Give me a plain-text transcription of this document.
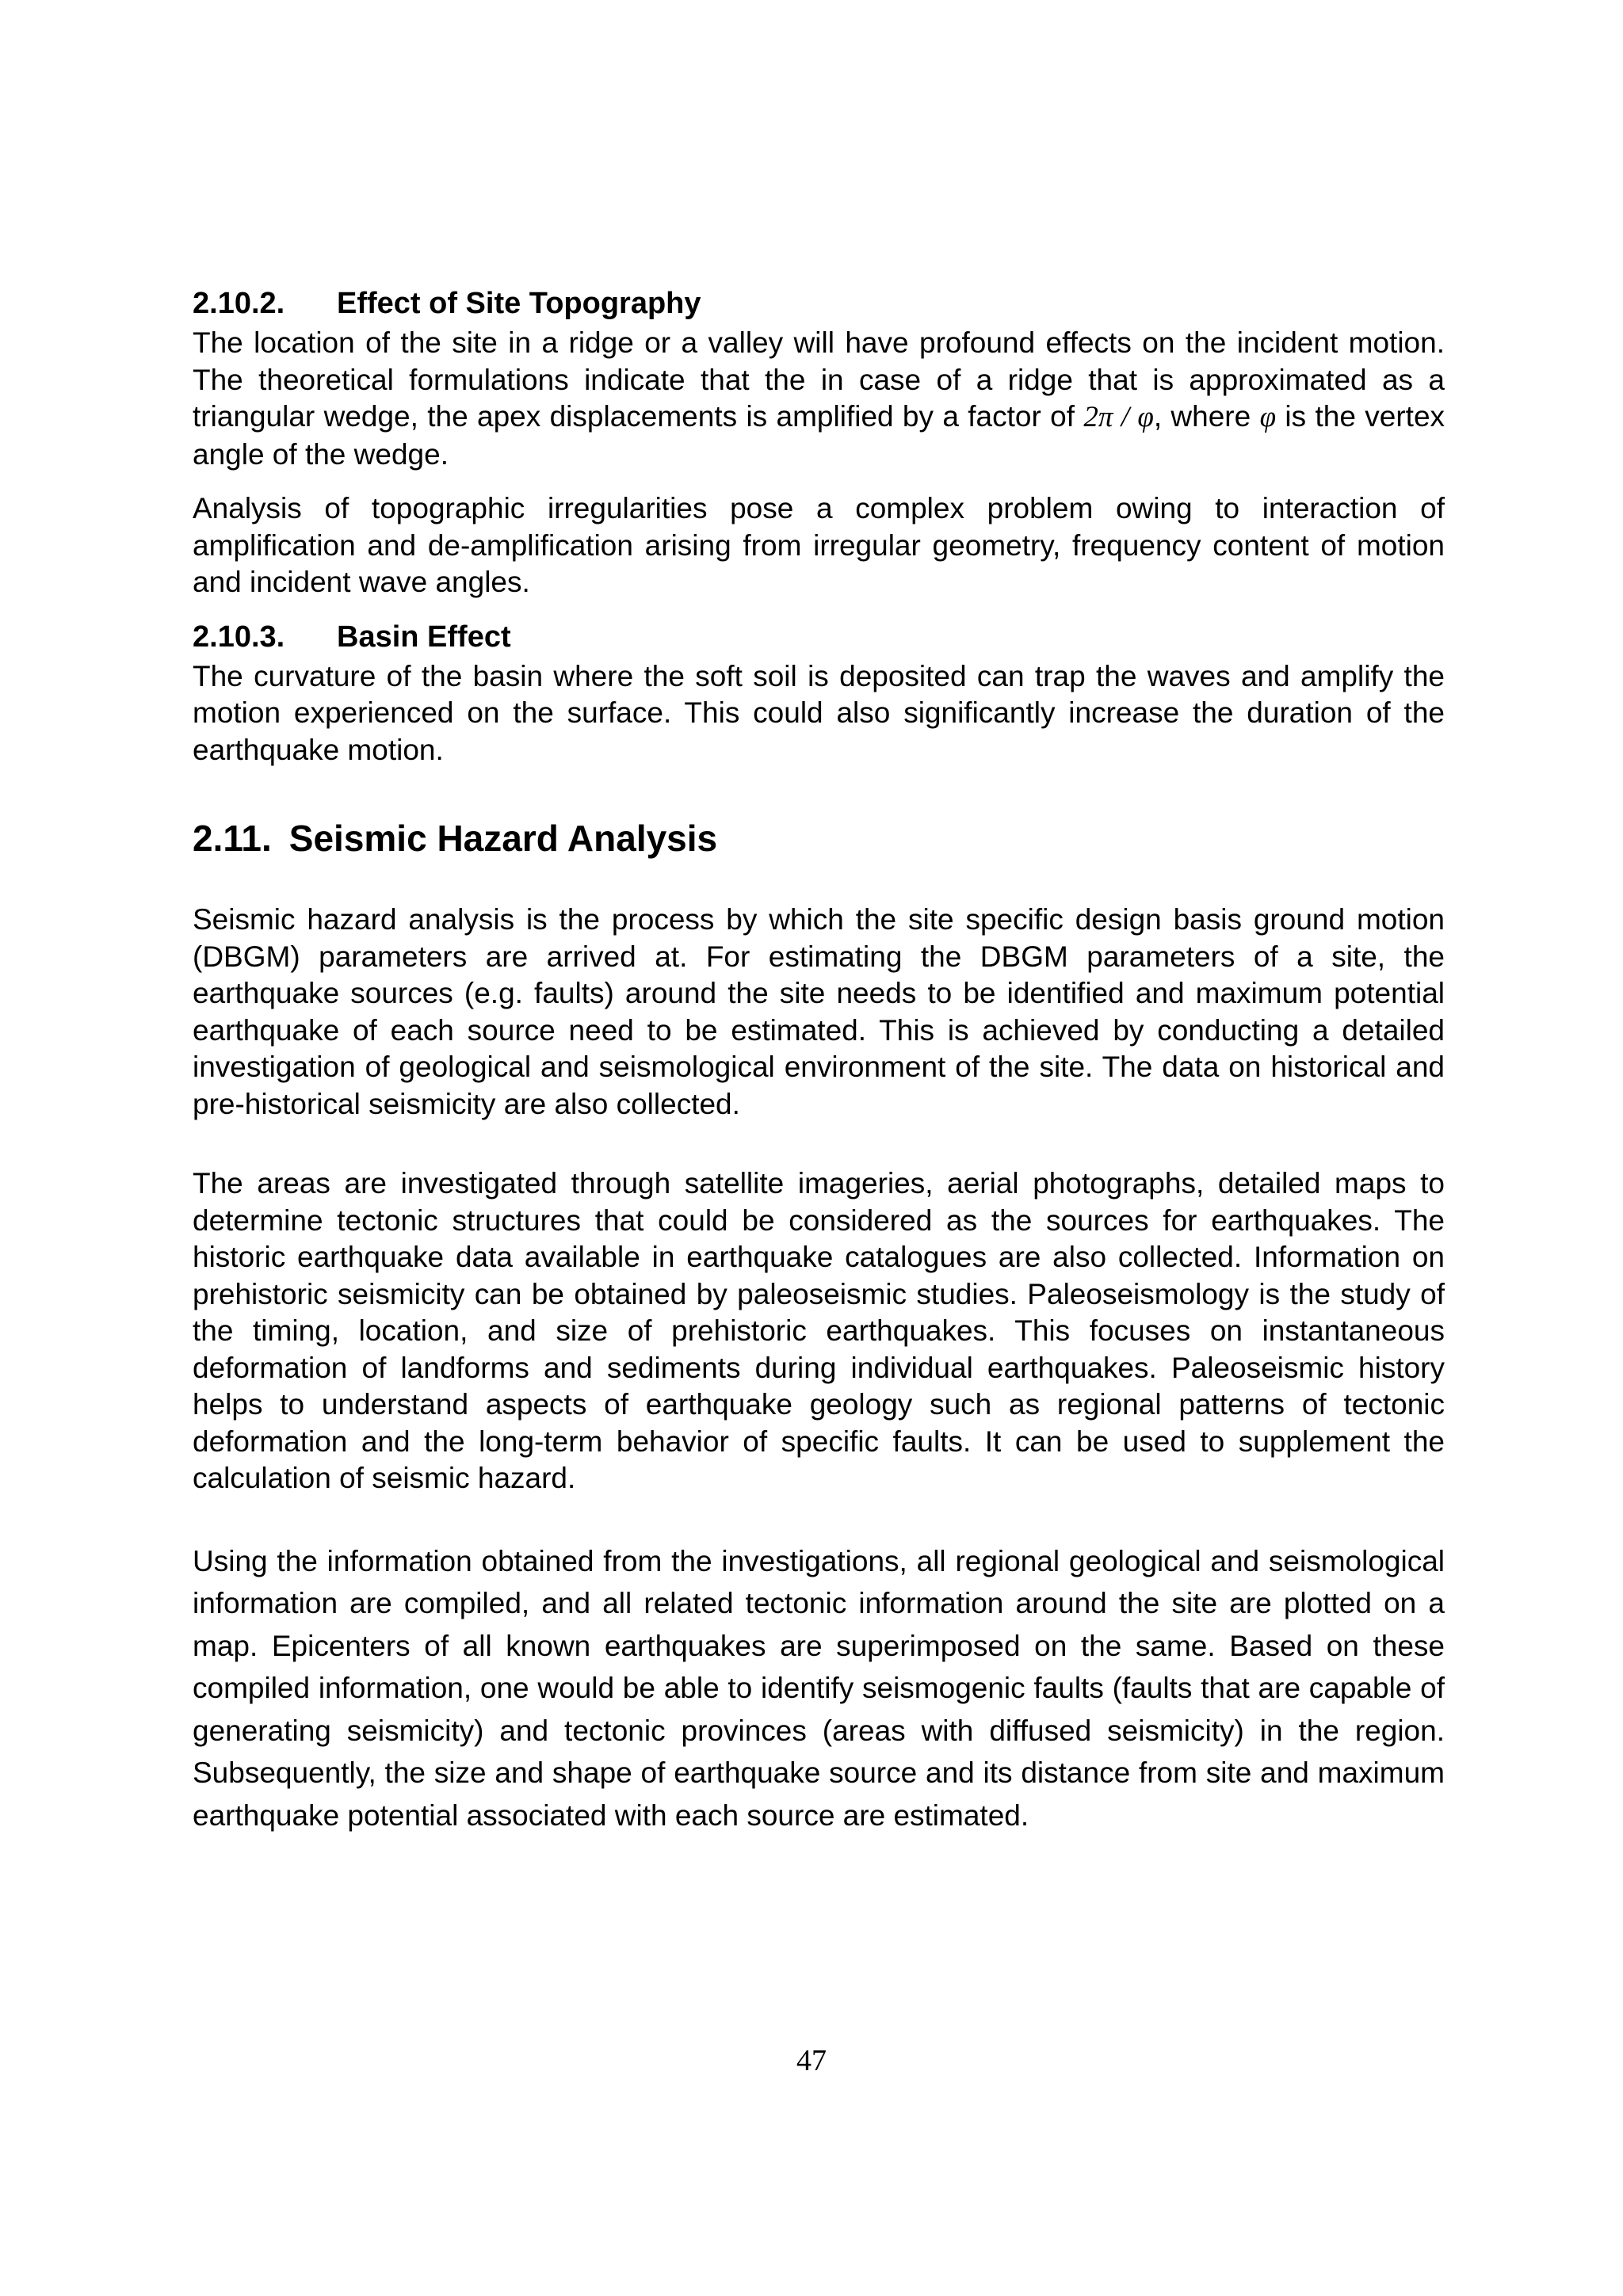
2.10.2. Effect of Site Topography

The location of the site in a ridge or a valley will have profound effects on the incident motion. The theoretical formulations indicate that the in case of a ridge that is approximated as a triangular wedge, the apex displacements is amplified by a factor of 2π / φ, where φ is the vertex angle of the wedge.

Analysis of topographic irregularities pose a complex problem owing to interaction of amplification and de-amplification arising from irregular geometry, frequency content of motion and incident wave angles.

2.10.3. Basin Effect

The curvature of the basin where the soft soil is deposited can trap the waves and amplify the motion experienced on the surface. This could also significantly increase the duration of the earthquake motion.

2.11. Seismic Hazard Analysis

Seismic hazard analysis is the process by which the site specific design basis ground motion (DBGM) parameters are arrived at. For estimating the DBGM parameters of a site, the earthquake sources (e.g. faults) around the site needs to be identified and maximum potential earthquake of each source need to be estimated. This is achieved by conducting a detailed investigation of geological and seismological environment of the site. The data on historical and pre-historical seismicity are also collected.

The areas are investigated through satellite imageries, aerial photographs, detailed maps to determine tectonic structures that could be considered as the sources for earthquakes. The historic earthquake data available in earthquake catalogues are also collected. Information on prehistoric seismicity can be obtained by paleoseismic studies. Paleoseismology is the study of the timing, location, and size of prehistoric earthquakes. This focuses on instantaneous deformation of landforms and sediments during individual earthquakes. Paleoseismic history helps to understand aspects of earthquake geology such as regional patterns of tectonic deformation and the long-term behavior of specific faults. It can be used to supplement the calculation of seismic hazard.

Using the information obtained from the investigations, all regional geological and seismological information are compiled, and all related tectonic information around the site are plotted on a map. Epicenters of all known earthquakes are superimposed on the same. Based on these compiled information, one would be able to identify seismogenic faults (faults that are capable of generating seismicity) and tectonic provinces (areas with diffused seismicity) in the region. Subsequently, the size and shape of earthquake source and its distance from site and maximum earthquake potential associated with each source are estimated.

47
